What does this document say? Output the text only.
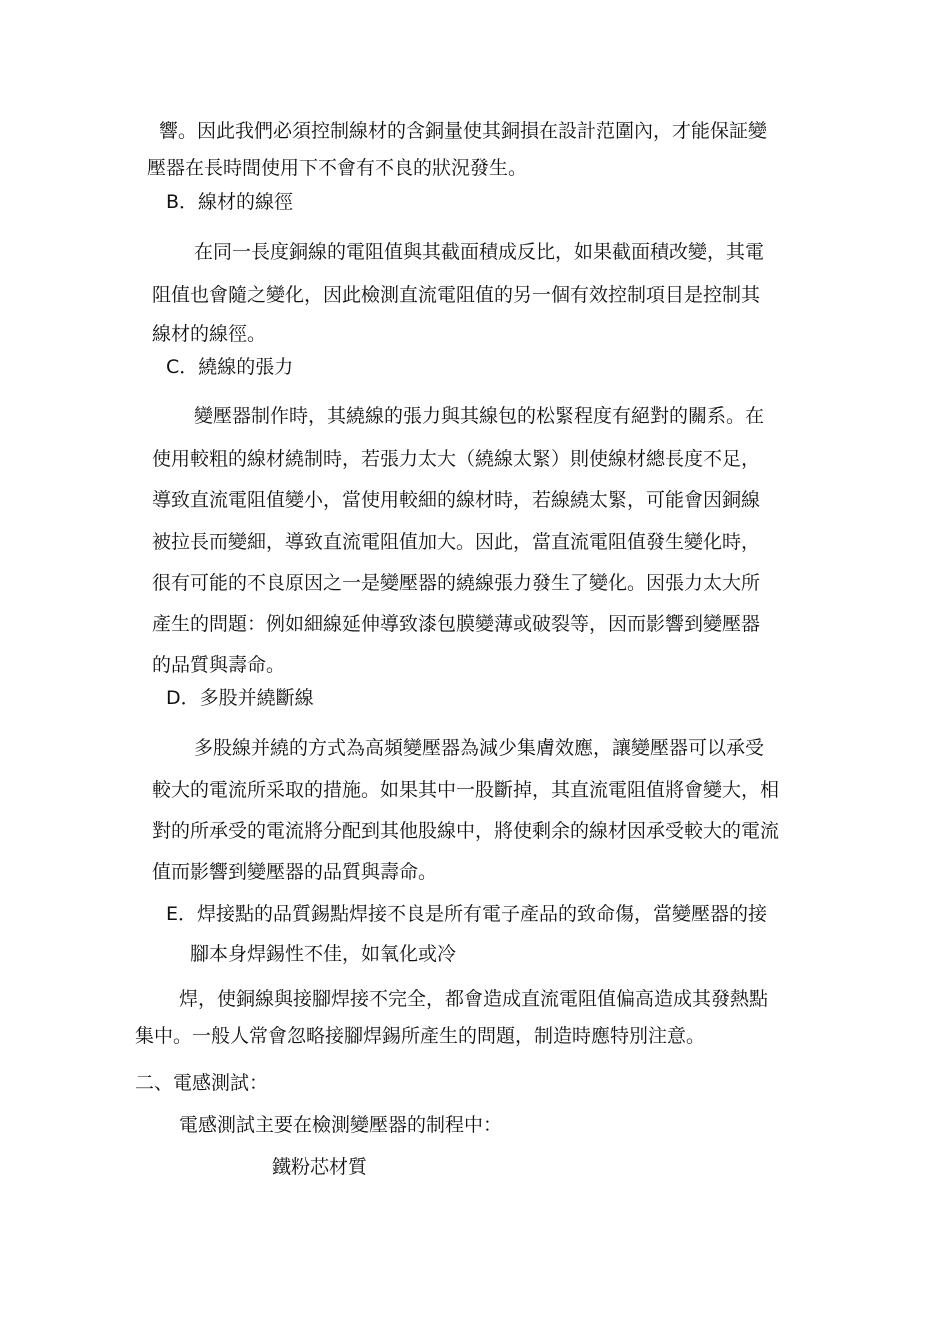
響。因此我們必須控制線材的含銅量使其銅損在設計范圍內，才能保証變
壓器在長時間使用下不會有不良的狀況發生。
B．線材的線徑
在同一長度銅線的電阻值與其截面積成反比，如果截面積改變，其電
阻值也會隨之變化，因此檢測直流電阻值的另一個有效控制項目是控制其
線材的線徑。
C．繞線的張力
變壓器制作時，其繞線的張力與其線包的松緊程度有絕對的關系。在
使用較粗的線材繞制時，若張力太大（繞線太緊）則使線材總長度不足，
導致直流電阻值變小，當使用較細的線材時，若線繞太緊，可能會因銅線
被拉長而變細，導致直流電阻值加大。因此，當直流電阻值發生變化時，
很有可能的不良原因之一是變壓器的繞線張力發生了變化。因張力太大所
產生的問題：例如細線延伸導致漆包膜變薄或破裂等，因而影響到變壓器
的品質與壽命。
D．多股并繞斷線
多股線并繞的方式為高頻變壓器為減少集膚效應，讓變壓器可以承受
較大的電流所采取的措施。如果其中一股斷掉，其直流電阻值將會變大，相
對的所承受的電流將分配到其他股線中，將使剩余的線材因承受較大的電流
值而影響到變壓器的品質與壽命。
E．焊接點的品質錫點焊接不良是所有電子產品的致命傷，當變壓器的接
腳本身焊錫性不佳，如氧化或冷
焊，使銅線與接腳焊接不完全，都會造成直流電阻值偏高造成其發熱點
集中。一般人常會忽略接腳焊錫所產生的問題，制造時應特別注意。
二、電感測試：
電感測試主要在檢測變壓器的制程中：
鐵粉芯材質
